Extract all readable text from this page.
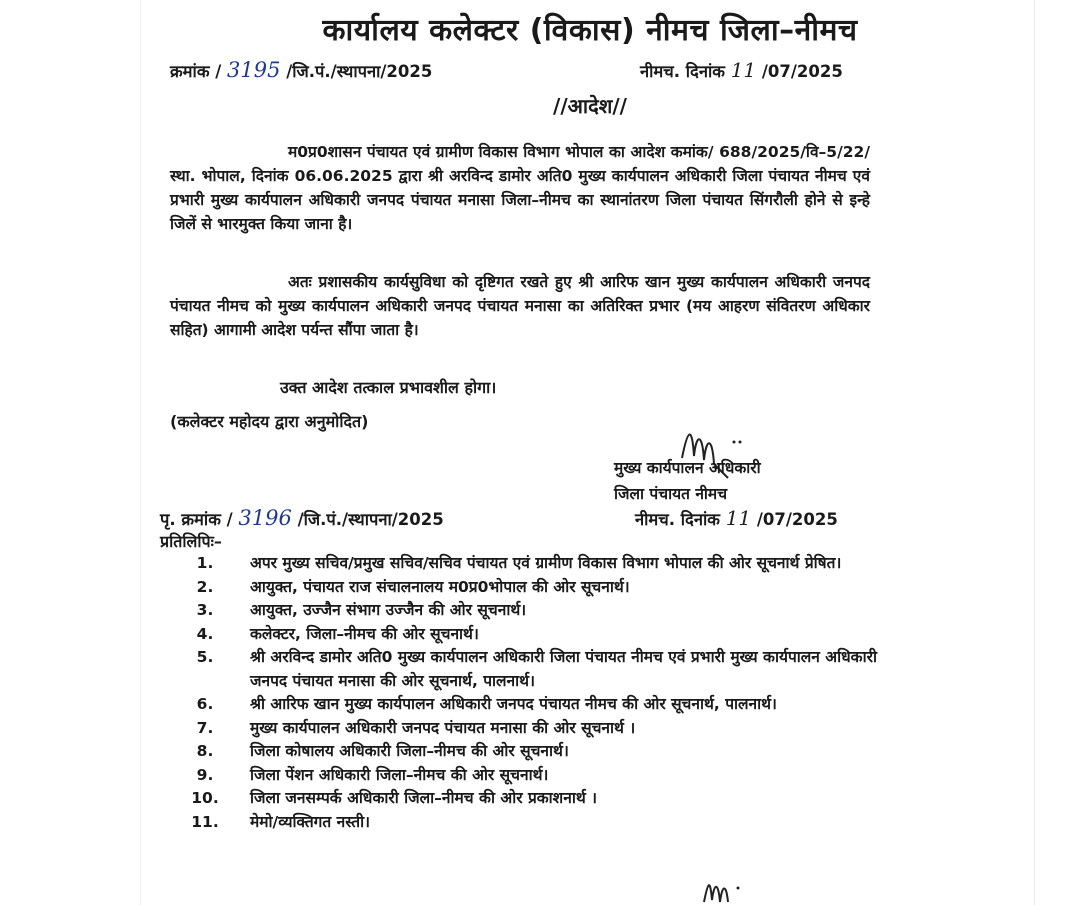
कार्यालय कलेक्टर (विकास) नीमच जिला–नीमच
क्रमांक / 3195 /जि.पं./स्थापना/2025	नीमच. दिनांक 11 /07/2025
//आदेश//
म0प्र0शासन पंचायत एवं ग्रामीण विकास विभाग भोपाल का आदेश कमांक/ 688/2025/वि–5/22/स्था. भोपाल, दिनांक 06.06.2025 द्वारा श्री अरविन्द डामोर अति0 मुख्य कार्यपालन अधिकारी जिला पंचायत नीमच एवं प्रभारी मुख्य कार्यपालन अधिकारी जनपद पंचायत मनासा जिला–नीमच का स्थानांतरण जिला पंचायत सिंगरौली होने से इन्हे जिलें से भारमुक्त किया जाना है।
अतः प्रशासकीय कार्यसुविधा को दृष्टिगत रखते हुए श्री आरिफ खान मुख्य कार्यपालन अधिकारी जनपद पंचायत नीमच को मुख्य कार्यपालन अधिकारी जनपद पंचायत मनासा का अतिरिक्त प्रभार (मय आहरण संवितरण अधिकार सहित) आगामी आदेश पर्यन्त सौंपा जाता है।
उक्त आदेश तत्काल प्रभावशील होगा।
(कलेक्टर महोदय द्वारा अनुमोदित)
मुख्य कार्यपालन अधिकारी
जिला पंचायत नीमच
पृ. क्रमांक / 3196 /जि.पं./स्थापना/2025	नीमच. दिनांक 11 /07/2025
प्रतिलिपिः–
1.	अपर मुख्य सचिव/प्रमुख सचिव/सचिव पंचायत एवं ग्रामीण विकास विभाग भोपाल की ओर सूचनार्थ प्रेषित।
2.	आयुक्त, पंचायत राज संचालनालय म0प्र0भोपाल की ओर सूचनार्थ।
3.	आयुक्त, उज्जैन संभाग उज्जैन की ओर सूचनार्थ।
4.	कलेक्टर, जिला–नीमच की ओर सूचनार्थ।
5.	श्री अरविन्द डामोर अति0 मुख्य कार्यपालन अधिकारी जिला पंचायत नीमच एवं प्रभारी मुख्य कार्यपालन अधिकारी जनपद पंचायत मनासा की ओर सूचनार्थ, पालनार्थ।
6.	श्री आरिफ खान मुख्य कार्यपालन अधिकारी जनपद पंचायत नीमच की ओर सूचनार्थ, पालनार्थ।
7.	मुख्य कार्यपालन अधिकारी जनपद पंचायत मनासा की ओर सूचनार्थ ।
8.	जिला कोषालय अधिकारी जिला–नीमच की ओर सूचनार्थ।
9.	जिला पेंशन अधिकारी जिला–नीमच की ओर सूचनार्थ।
10.	जिला जनसम्पर्क अधिकारी जिला–नीमच की ओर प्रकाशनार्थ ।
11.	मेमो/व्यक्तिगत नस्ती।
